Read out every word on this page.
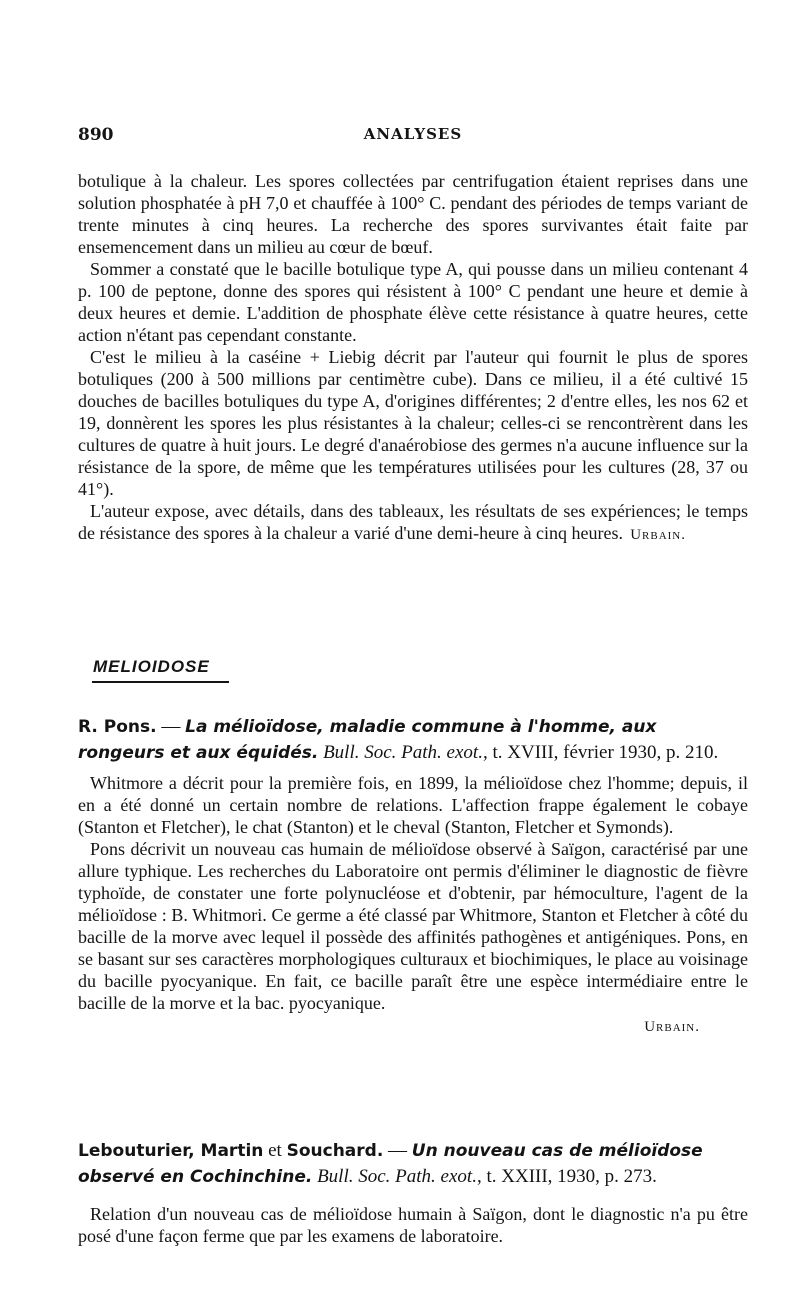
890	ANALYSES

botulique à la chaleur. Les spores collectées par centrifugation étaient reprises dans une solution phosphatée à pH 7,0 et chauffée à 100° C. pendant des périodes de temps variant de trente minutes à cinq heures. La recherche des spores survivantes était faite par ensemencement dans un milieu au cœur de bœuf.

Sommer a constaté que le bacille botulique type A, qui pousse dans un milieu contenant 4 p. 100 de peptone, donne des spores qui résistent à 100° C pendant une heure et demie à deux heures et demie. L'addition de phosphate élève cette résistance à quatre heures, cette action n'étant pas cependant constante.

C'est le milieu à la caséine + Liebig décrit par l'auteur qui fournit le plus de spores botuliques (200 à 500 millions par centimètre cube). Dans ce milieu, il a été cultivé 15 douches de bacilles botuliques du type A, d'origines différentes; 2 d'entre elles, les nos 62 et 19, donnèrent les spores les plus résistantes à la chaleur; celles-ci se rencontrèrent dans les cultures de quatre à huit jours. Le degré d'anaérobiose des germes n'a aucune influence sur la résistance de la spore, de même que les températures utilisées pour les cultures (28, 37 ou 41°).

L'auteur expose, avec détails, dans des tableaux, les résultats de ses expériences; le temps de résistance des spores à la chaleur a varié d'une demi-heure à cinq heures. Urbain.
MELIOIDOSE
R. Pons. — La mélioïdose, maladie commune à l'homme, aux rongeurs et aux équidés. Bull. Soc. Path. exot., t. XVIII, février 1930, p. 210.

Whitmore a décrit pour la première fois, en 1899, la mélioïdose chez l'homme; depuis, il en a été donné un certain nombre de relations. L'affection frappe également le cobaye (Stanton et Fletcher), le chat (Stanton) et le cheval (Stanton, Fletcher et Symonds).

Pons décrivit un nouveau cas humain de mélioïdose observé à Saïgon, caractérisé par une allure typhique. Les recherches du Laboratoire ont permis d'éliminer le diagnostic de fièvre typhoïde, de constater une forte polynucléose et d'obtenir, par hémoculture, l'agent de la mélioïdose : B. Whitmori. Ce germe a été classé par Whitmore, Stanton et Fletcher à côté du bacille de la morve avec lequel il possède des affinités pathogènes et antigéniques. Pons, en se basant sur ses caractères morphologiques culturaux et biochimiques, le place au voisinage du bacille pyocyanique. En fait, ce bacille paraît être une espèce intermédiaire entre le bacille de la morve et la bac. pyocyanique.

Urbain.
Lebouturier, Martin et Souchard. — Un nouveau cas de mélioïdose observé en Cochinchine. Bull. Soc. Path. exot., t. XXIII, 1930, p. 273.

Relation d'un nouveau cas de mélioïdose humain à Saïgon, dont le diagnostic n'a pu être posé d'une façon ferme que par les examens de laboratoire.
